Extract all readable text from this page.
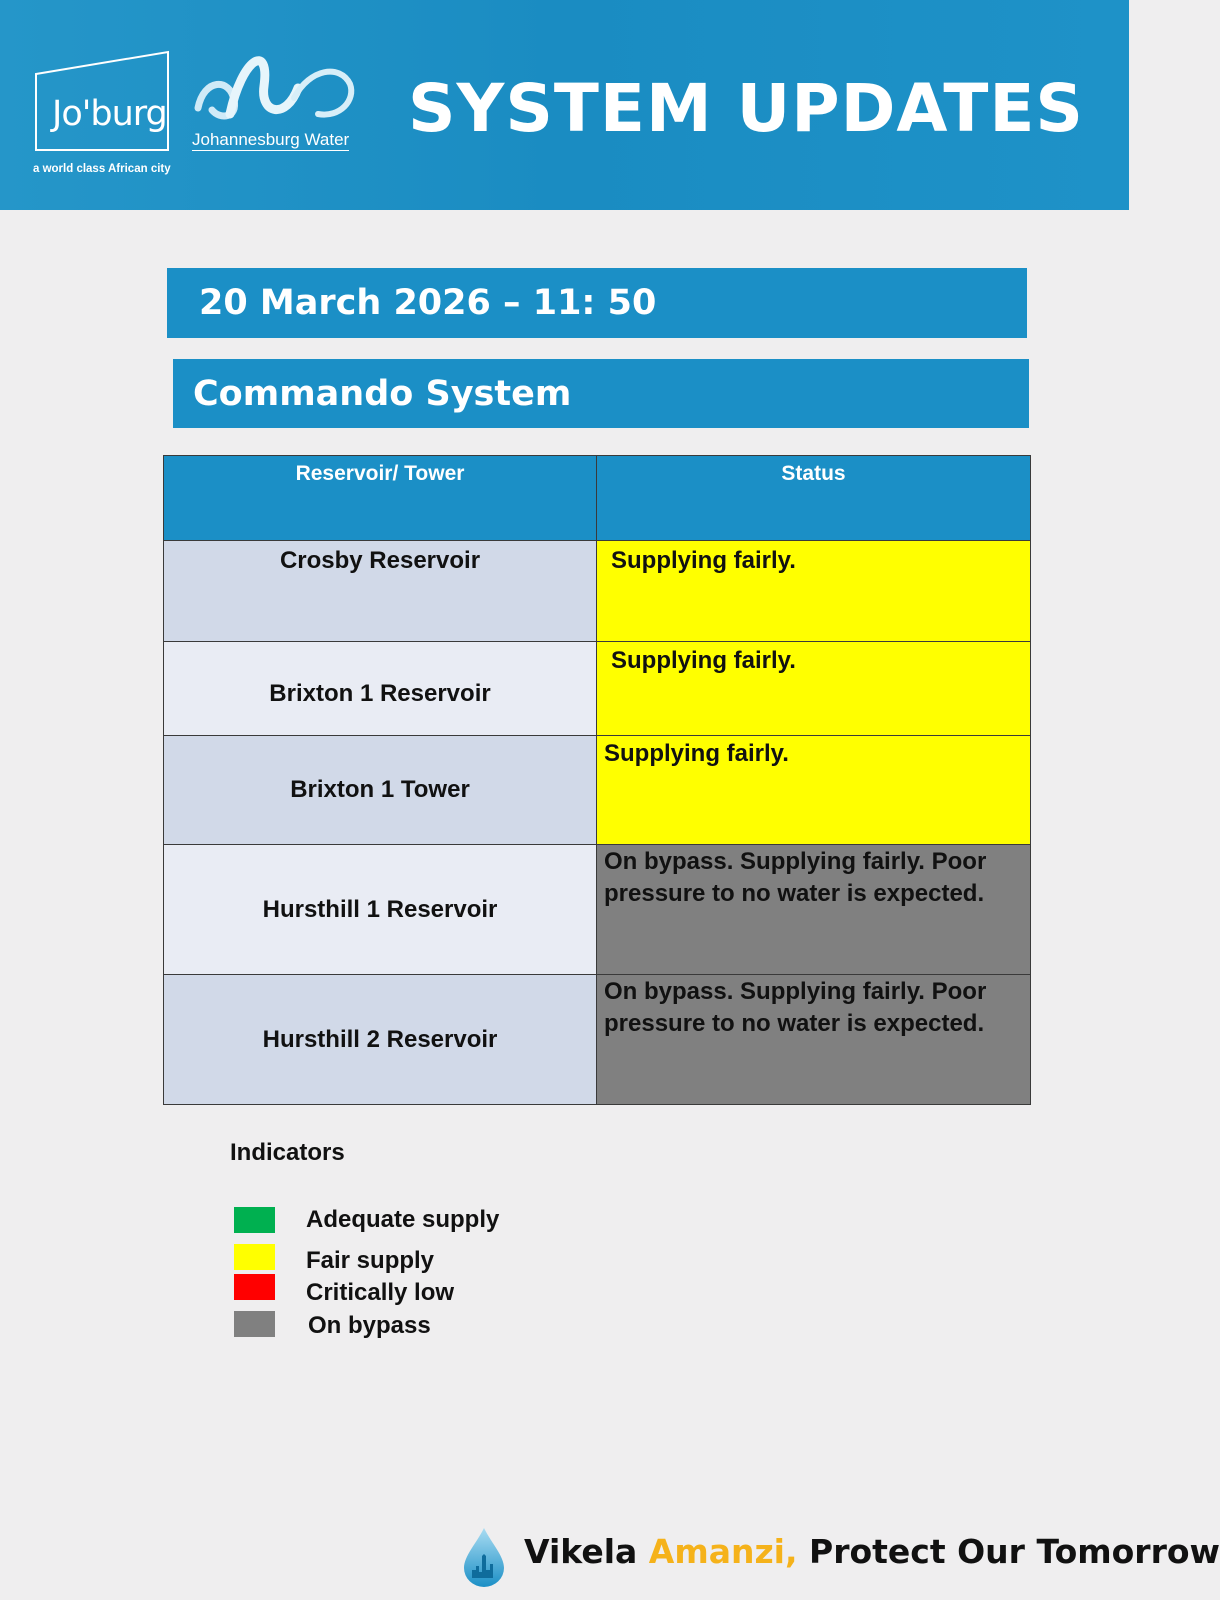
Jo'burg
a world class African city
Johannesburg Water SYSTEM UPDATES
20 March 2026 – 11: 50
Commando System
Reservoir/ Tower	Status
Crosby Reservoir	Supplying fairly.
Brixton 1 Reservoir	Supplying fairly.
Brixton 1 Tower	Supplying fairly.
Hursthill 1 Reservoir	On bypass. Supplying fairly. Poor pressure to no water is expected.
Hursthill 2 Reservoir	On bypass. Supplying fairly. Poor pressure to no water is expected.
Indicators
Adequate supply
Fair supply
Critically low
On bypass
Vikela Amanzi, Protect Our Tomorrow
